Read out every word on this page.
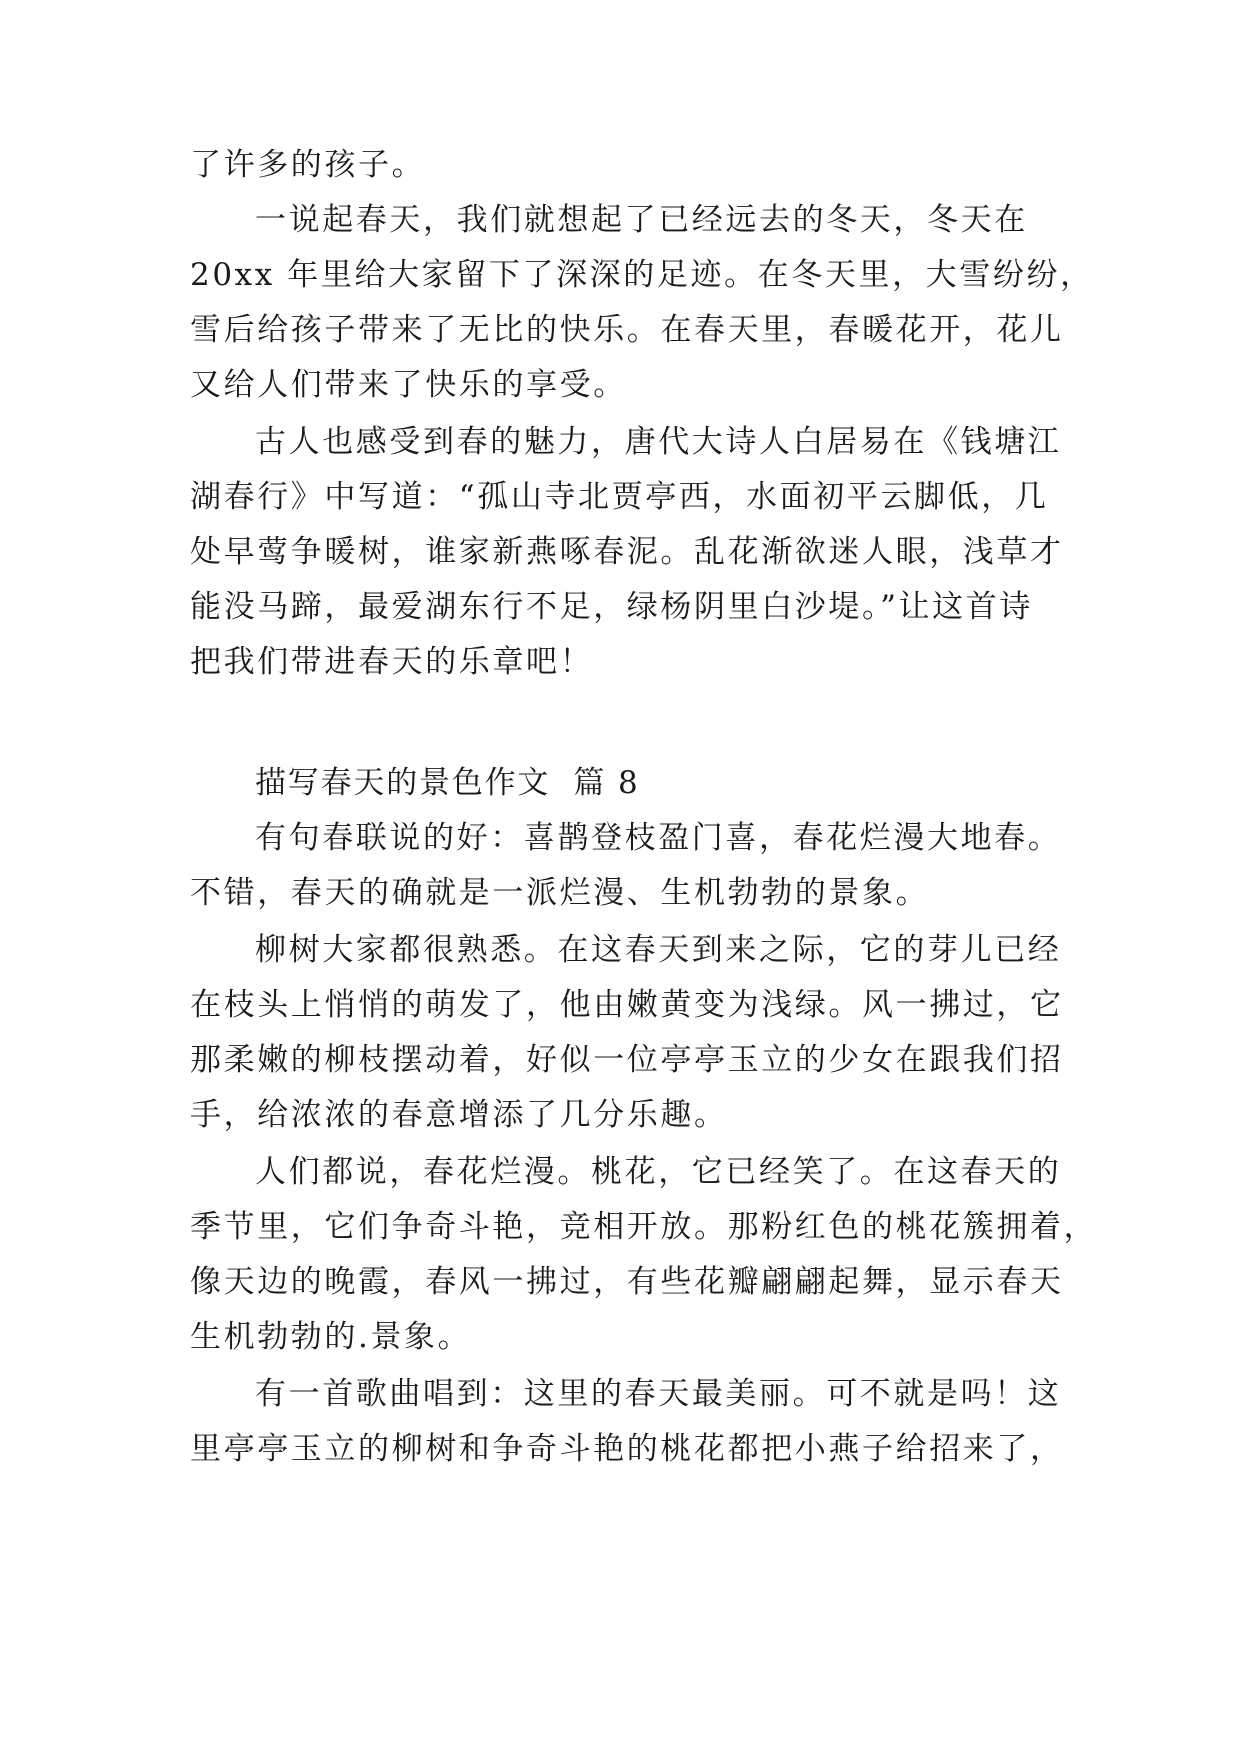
了许多的孩子。

一说起春天，我们就想起了已经远去的冬天，冬天在

20xx 年里给大家留下了深深的足迹。在冬天里，大雪纷纷，

雪后给孩子带来了无比的快乐。在春天里，春暖花开，花儿

又给人们带来了快乐的享受。

古人也感受到春的魅力，唐代大诗人白居易在《钱塘江

湖春行》中写道：“孤山寺北贾亭西，水面初平云脚低，几

处早莺争暖树，谁家新燕啄春泥。乱花渐欲迷人眼，浅草才

能没马蹄，最爱湖东行不足，绿杨阴里白沙堤。”让这首诗

把我们带进春天的乐章吧！

描写春天的景色作文  篇 8

有句春联说的好：喜鹊登枝盈门喜，春花烂漫大地春。

不错，春天的确就是一派烂漫、生机勃勃的景象。

柳树大家都很熟悉。在这春天到来之际，它的芽儿已经

在枝头上悄悄的萌发了，他由嫩黄变为浅绿。风一拂过，它

那柔嫩的柳枝摆动着，好似一位亭亭玉立的少女在跟我们招

手，给浓浓的春意增添了几分乐趣。

人们都说，春花烂漫。桃花，它已经笑了。在这春天的

季节里，它们争奇斗艳，竞相开放。那粉红色的桃花簇拥着，

像天边的晚霞，春风一拂过，有些花瓣翩翩起舞，显示春天

生机勃勃的.景象。

有一首歌曲唱到：这里的春天最美丽。可不就是吗！这

里亭亭玉立的柳树和争奇斗艳的桃花都把小燕子给招来了，
